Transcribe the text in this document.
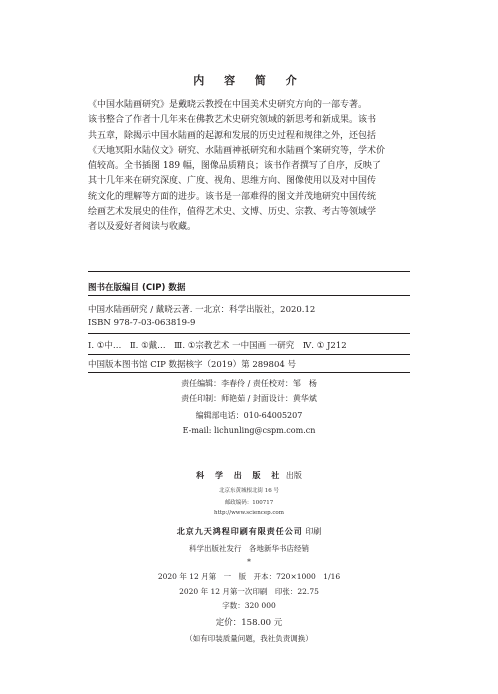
内 容 简 介

《中国水陆画研究》是戴晓云教授在中国美术史研究方向的一部专著。

该书整合了作者十几年来在佛教艺术史研究领域的新思考和新成果。该书

共五章，除揭示中国水陆画的起源和发展的历史过程和规律之外，还包括

《天地冥阳水陆仪文》研究、水陆画神祇研究和水陆画个案研究等，学术价

值较高。全书插图 189 幅，图像品质精良；该书作者撰写了自序，反映了

其十几年来在研究深度、广度、视角、思维方向、图像使用以及对中国传

统文化的理解等方面的进步。该书是一部难得的图文并茂地研究中国传统

绘画艺术发展史的佳作，值得艺术史、文博、历史、宗教、考古等领域学

者以及爱好者阅读与收藏。

图书在版编目 (CIP) 数据
中国水陆画研究 / 戴晓云著. 一北京：科学出版社，2020.12
ISBN 978-7-03-063819-9
Ⅰ. ①中…　Ⅱ. ①戴…　Ⅲ. ①宗教艺术 一中国画 一研究　Ⅳ. ① J212
中国版本图书馆 CIP 数据核字（2019）第 289804 号
责任编辑：李春伶 / 责任校对：邹　杨
责任印制：师艳茹 / 封面设计：黄华斌
编辑部电话：010-64005207
E-mail: lichunling@cspm.com.cn
科 学 出 版 社 出版
北京东黄城根北街 16 号
邮政编码：100717
http://www.sciencep.com
北京九天鸿程印刷有限责任公司 印刷
科学出版社发行　各地新华书店经销
*
2020 年 12 月第　一　版　开本：720×1000　1/16
2020 年 12 月第一次印刷　印张：22.75
字数：320 000
定价：158.00 元
（如有印装质量问题，我社负责调换）
